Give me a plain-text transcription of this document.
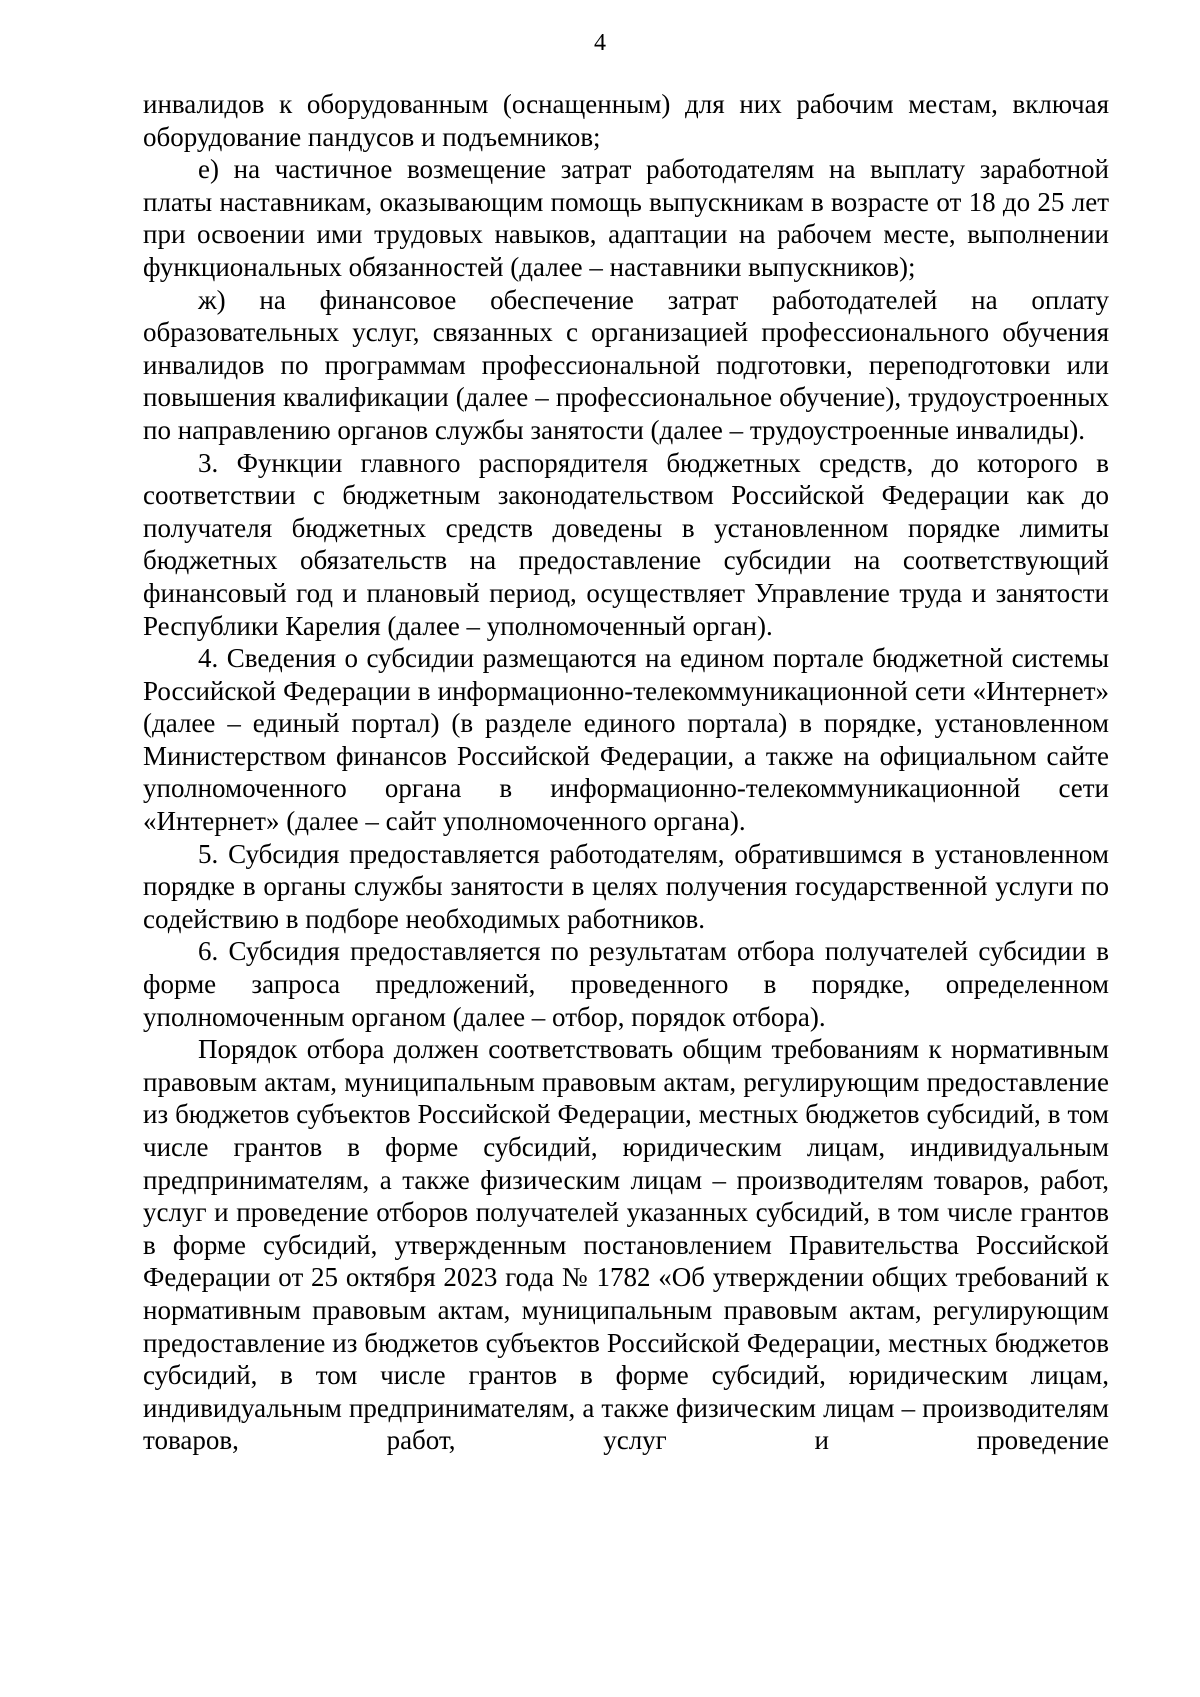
4

инвалидов к оборудованным (оснащенным) для них рабочим местам, включая оборудование пандусов и подъемников;

е) на частичное возмещение затрат работодателям на выплату заработной платы наставникам, оказывающим помощь выпускникам в возрасте от 18 до 25 лет при освоении ими трудовых навыков, адаптации на рабочем месте, выполнении функциональных обязанностей (далее – наставники выпускников);

ж) на финансовое обеспечение затрат работодателей на оплату образовательных услуг, связанных с организацией профессионального обучения инвалидов по программам профессиональной подготовки, переподготовки или повышения квалификации (далее – профессиональное обучение), трудоустроенных по направлению органов службы занятости (далее – трудоустроенные инвалиды).

3. Функции главного распорядителя бюджетных средств, до которого в соответствии с бюджетным законодательством Российской Федерации как до получателя бюджетных средств доведены в установленном порядке лимиты бюджетных обязательств на предоставление субсидии на соответствующий финансовый год и плановый период, осуществляет Управление труда и занятости Республики Карелия (далее – уполномоченный орган).

4. Сведения о субсидии размещаются на едином портале бюджетной системы Российской Федерации в информационно-телекоммуникационной сети «Интернет» (далее – единый портал) (в разделе единого портала) в порядке, установленном Министерством финансов Российской Федерации, а также на официальном сайте уполномоченного органа в информационно-телекоммуникационной сети «Интернет» (далее – сайт уполномоченного органа).

5. Субсидия предоставляется работодателям, обратившимся в установленном порядке в органы службы занятости в целях получения государственной услуги по содействию в подборе необходимых работников.

6. Субсидия предоставляется по результатам отбора получателей субсидии в форме запроса предложений, проведенного в порядке, определенном уполномоченным органом (далее – отбор, порядок отбора).

Порядок отбора должен соответствовать общим требованиям к нормативным правовым актам, муниципальным правовым актам, регулирующим предоставление из бюджетов субъектов Российской Федерации, местных бюджетов субсидий, в том числе грантов в форме субсидий, юридическим лицам, индивидуальным предпринимателям, а также физическим лицам – производителям товаров, работ, услуг и проведение отборов получателей указанных субсидий, в том числе грантов в форме субсидий, утвержденным постановлением Правительства Российской Федерации от 25 октября 2023 года № 1782 «Об утверждении общих требований к нормативным правовым актам, муниципальным правовым актам, регулирующим предоставление из бюджетов субъектов Российской Федерации, местных бюджетов субсидий, в том числе грантов в форме субсидий, юридическим лицам, индивидуальным предпринимателям, а также физическим лицам – производителям товаров, работ, услуг и проведение
